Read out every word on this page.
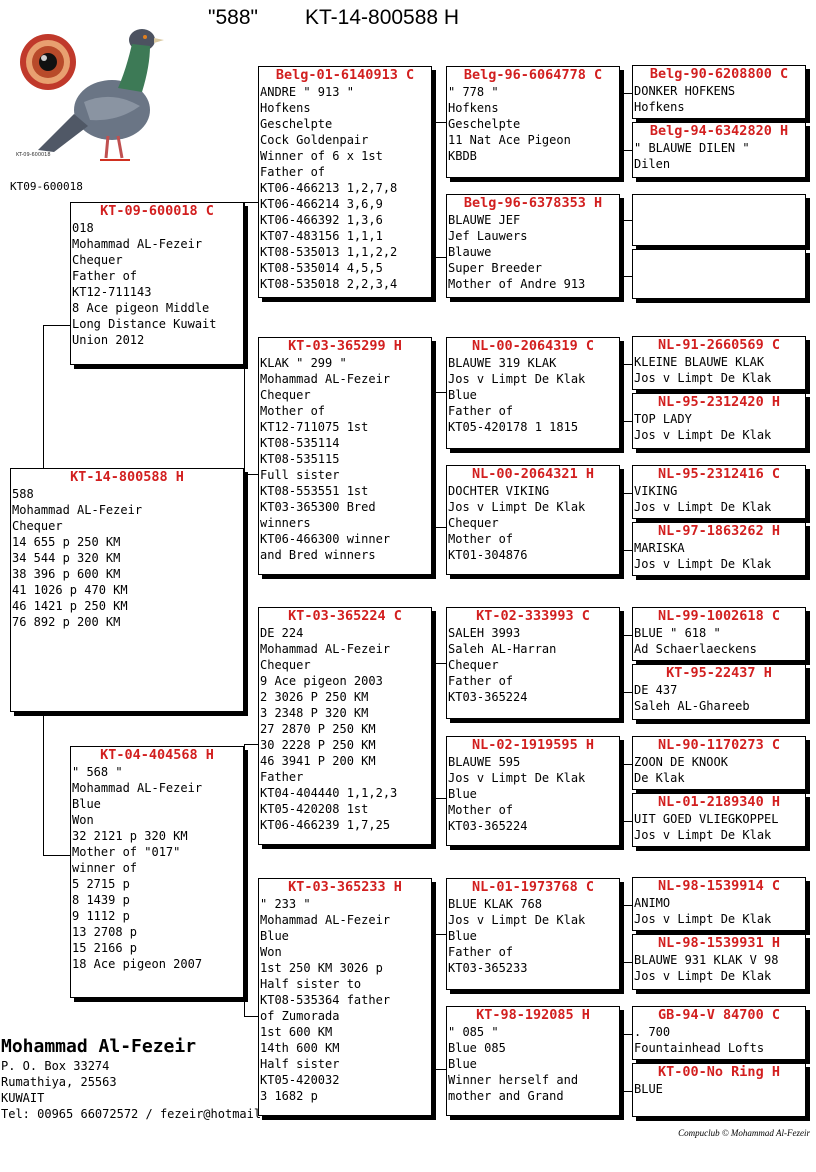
"588" KT-14-800588 H
KT-09-600018
KT09-600018
KT-14-800588 H
588
Mohammad AL-Fezeir
Chequer
14 655 p 250 KM
34 544 p 320 KM
38 396 p 600 KM
41 1026 p 470 KM
46 1421 p 250 KM
76 892 p 200 KM
KT-09-600018 C
018
Mohammad AL-Fezeir
Chequer
Father of
KT12-711143
8 Ace pigeon Middle
Long Distance Kuwait
Union 2012
KT-04-404568 H
" 568 "
Mohammad AL-Fezeir
Blue
Won
32 2121 p 320 KM
Mother of "017"
winner of
5 2715 p
8 1439 p
9 1112 p
13 2708 p
15 2166 p
18 Ace pigeon 2007
Belg-01-6140913 C
ANDRE " 913 "
Hofkens
Geschelpte
Cock Goldenpair
Winner of 6 x 1st
Father of
KT06-466213 1,2,7,8
KT06-466214 3,6,9
KT06-466392 1,3,6
KT07-483156 1,1,1
KT08-535013 1,1,2,2
KT08-535014 4,5,5
KT08-535018 2,2,3,4
KT-03-365299 H
KLAK " 299 "
Mohammad AL-Fezeir
Chequer
Mother of
KT12-711075 1st
KT08-535114
KT08-535115
Full sister
KT08-553551 1st
KT03-365300 Bred
winners
KT06-466300 winner
and Bred winners
KT-03-365224 C
DE 224
Mohammad AL-Fezeir
Chequer
9 Ace pigeon 2003
2 3026 P 250 KM
3 2348 P 320 KM
27 2870 P 250 KM
30 2228 P 250 KM
46 3941 P 200 KM
Father
KT04-404440 1,1,2,3
KT05-420208 1st
KT06-466239 1,7,25
KT-03-365233 H
" 233 "
Mohammad AL-Fezeir
Blue
Won
1st 250 KM 3026 p
Half sister to
KT08-535364 father
of Zumorada
1st 600 KM
14th 600 KM
Half sister
KT05-420032
3 1682 p
Belg-96-6064778 C
" 778 "
Hofkens
Geschelpte
11 Nat Ace Pigeon
KBDB
Belg-96-6378353 H
BLAUWE JEF
Jef Lauwers
Blauwe
Super Breeder
Mother of Andre 913
NL-00-2064319 C
BLAUWE 319 KLAK
Jos v Limpt De Klak
Blue
Father of
KT05-420178 1 1815
NL-00-2064321 H
DOCHTER VIKING
Jos v Limpt De Klak
Chequer
Mother of
KT01-304876
KT-02-333993 C
SALEH 3993
Saleh AL-Harran
Chequer
Father of
KT03-365224
NL-02-1919595 H
BLAUWE 595
Jos v Limpt De Klak
Blue
Mother of
KT03-365224
NL-01-1973768 C
BLUE KLAK 768
Jos v Limpt De Klak
Blue
Father of
KT03-365233
KT-98-192085 H
" 085 "
Blue 085
Blue
Winner herself and
mother and Grand
Belg-90-6208800 C
DONKER HOFKENS
Hofkens
Belg-94-6342820 H
" BLAUWE DILEN "
Dilen
NL-91-2660569 C
KLEINE BLAUWE KLAK
Jos v Limpt De Klak
NL-95-2312420 H
TOP LADY
Jos v Limpt De Klak
NL-95-2312416 C
VIKING
Jos v Limpt De Klak
NL-97-1863262 H
MARISKA
Jos v Limpt De Klak
NL-99-1002618 C
BLUE " 618 "
Ad Schaerlaeckens
KT-95-22437 H
DE 437
Saleh AL-Ghareeb
NL-90-1170273 C
ZOON DE KNOOK
De Klak
NL-01-2189340 H
UIT GOED VLIEGKOPPEL
Jos v Limpt De Klak
NL-98-1539914 C
ANIMO
Jos v Limpt De Klak
NL-98-1539931 H
BLAUWE 931 KLAK V 98
Jos v Limpt De Klak
GB-94-V 84700 C
. 700
Fountainhead Lofts
KT-00-No Ring H
BLUE
Mohammad Al-Fezeir
P. O. Box 33274
Rumathiya, 25563
KUWAIT
Tel: 00965 66072572 / fezeir@hotmail.
Compuclub © Mohammad Al-Fezeir
